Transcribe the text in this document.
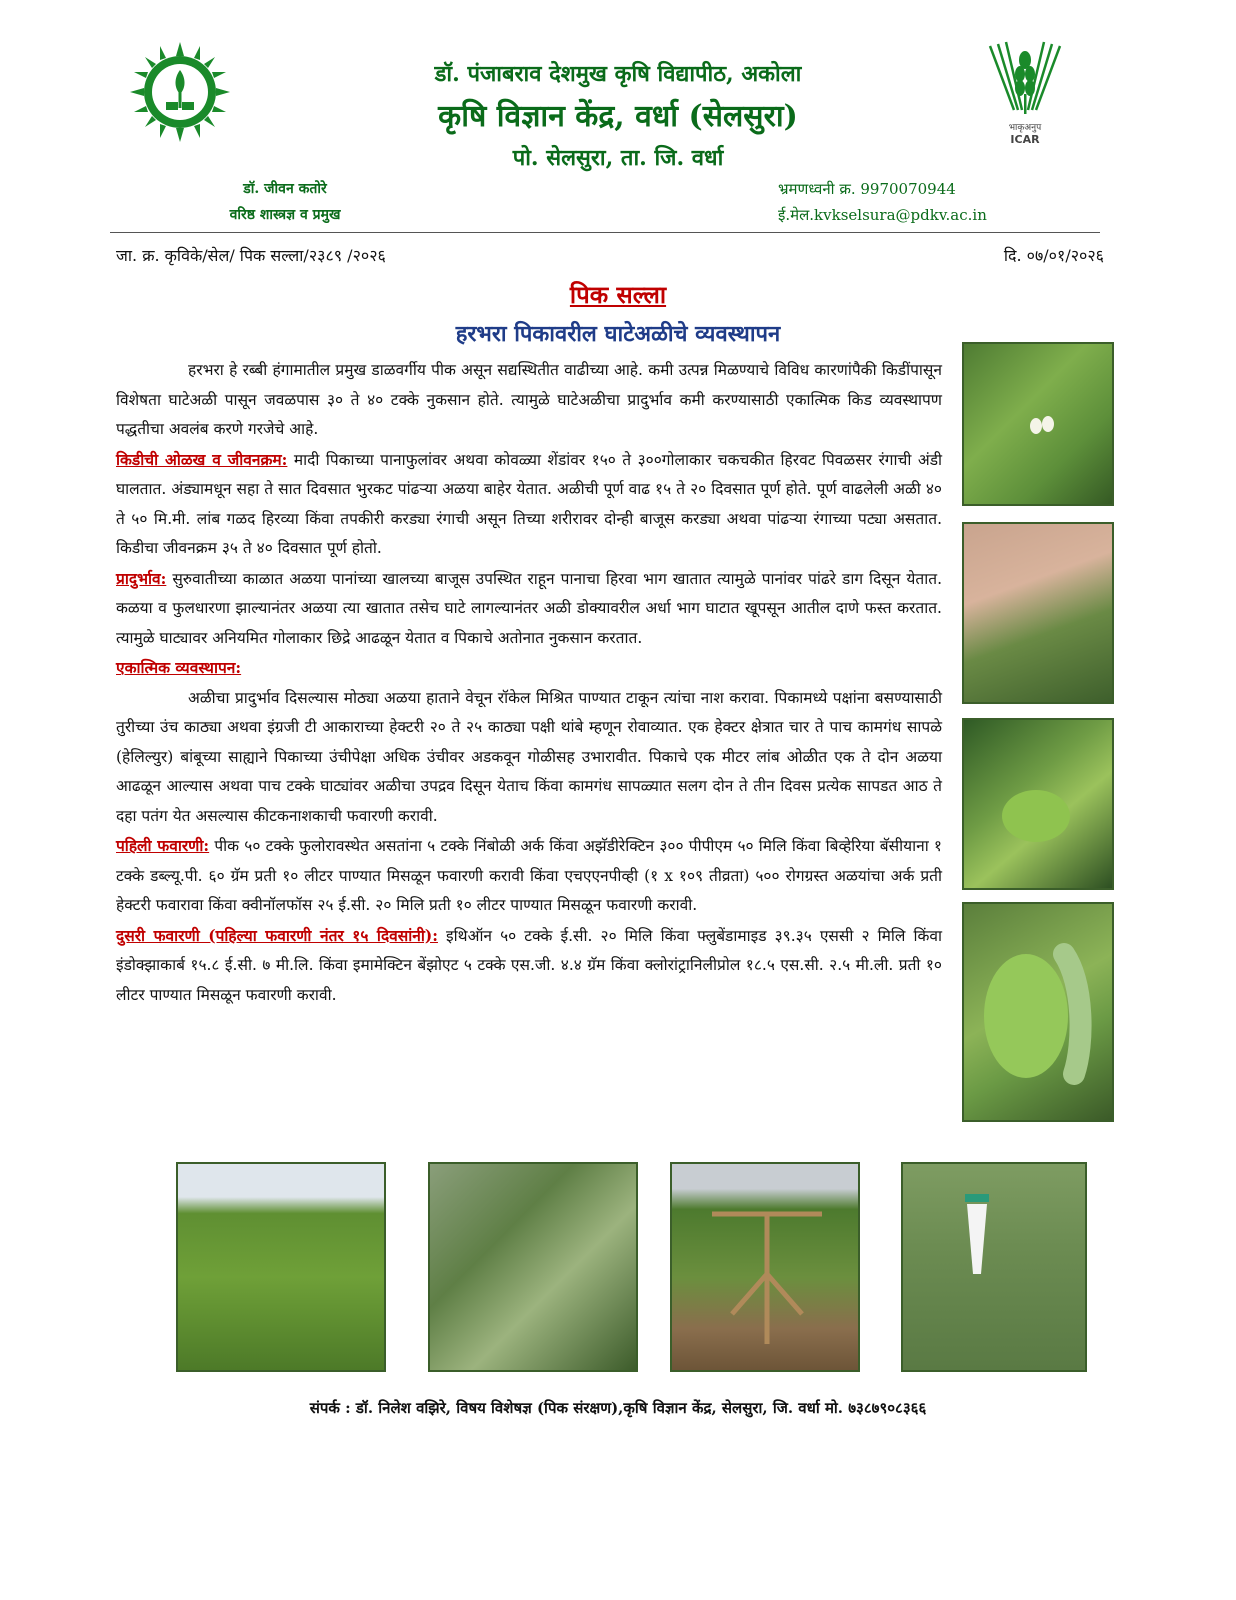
भाकृअनुप
ICAR
डॉ. पंजाबराव देशमुख कृषि विद्यापीठ, अकोला
कृषि विज्ञान केंद्र, वर्धा (सेलसुरा)
पो. सेलसुरा, ता. जि. वर्धा
डॉ. जीवन कतोरे
वरिष्ठ शास्त्रज्ञ व प्रमुख
भ्रमणध्वनी क्र. 9970070944
ई.मेल.kvkselsura@pdkv.ac.in
जा. क्र. कृविके/सेल/ पिक सल्ला/२३८९ /२०२६	दि. ०७/०१/२०२६
पिक सल्ला
हरभरा पिकावरील घाटेअळीचे व्यवस्थापन

हरभरा हे रब्बी हंगामातील प्रमुख डाळवर्गीय पीक असून सद्यस्थितीत वाढीच्या आहे. कमी उत्पन्न मिळण्याचे विविध कारणांपैकी किडींपासून विशेषता घाटेअळी पासून जवळपास ३० ते ४० टक्के नुकसान होते. त्यामुळे घाटेअळीचा प्रादुर्भाव कमी करण्यासाठी एकात्मिक किड व्यवस्थापण पद्धतीचा अवलंब करणे गरजेचे आहे.

किडीची ओळख व जीवनक्रम: मादी पिकाच्या पानाफुलांवर अथवा कोवळ्या शेंडांवर १५० ते ३००गोलाकार चकचकीत हिरवट पिवळसर रंगाची अंडी घालतात. अंड्यामधून सहा ते सात दिवसात भुरकट पांढऱ्या अळया बाहेर येतात. अळीची पूर्ण वाढ १५ ते २० दिवसात पूर्ण होते. पूर्ण वाढलेली अळी ४० ते ५० मि.मी. लांब गळद हिरव्या किंवा तपकीरी करड्या रंगाची असून तिच्या शरीरावर दोन्ही बाजूस करड्या अथवा पांढऱ्या रंगाच्या पट्या असतात. किडीचा जीवनक्रम ३५ ते ४० दिवसात पूर्ण होतो.

प्रादुर्भाव: सुरुवातीच्या काळात अळया पानांच्या खालच्या बाजूस उपस्थित राहून पानाचा हिरवा भाग खातात त्यामुळे पानांवर पांढरे डाग दिसून येतात. कळया व फुलधारणा झाल्यानंतर अळया त्या खातात तसेच घाटे लागल्यानंतर अळी डोक्यावरील अर्धा भाग घाटात खूपसून आतील दाणे फस्त करतात. त्यामुळे घाट्यावर अनियमित गोलाकार छिद्रे आढळून येतात व पिकाचे अतोनात नुकसान करतात.

एकात्मिक व्यवस्थापन:

अळीचा प्रादुर्भाव दिसल्यास मोठ्या अळया हाताने वेचून रॉकेल मिश्रित पाण्यात टाकून त्यांचा नाश करावा. पिकामध्ये पक्षांना बसण्यासाठी तुरीच्या उंच काठ्या अथवा इंग्रजी टी आकाराच्या हेक्टरी २० ते २५ काठ्या पक्षी थांबे म्हणून रोवाव्यात. एक हेक्टर क्षेत्रात चार ते पाच कामगंध सापळे (हेलिल्युर) बांबूच्या साह्याने पिकाच्या उंचीपेक्षा अधिक उंचीवर अडकवून गोळीसह उभारावीत. पिकाचे एक मीटर लांब ओळीत एक ते दोन अळया आढळून आल्यास अथवा पाच टक्के घाट्यांवर अळीचा उपद्रव दिसून येताच किंवा कामगंध सापळ्यात सलग दोन ते तीन दिवस प्रत्येक सापडत आठ ते दहा पतंग येत असल्यास कीटकनाशकाची फवारणी करावी.

पहिली फवारणी: पीक ५० टक्के फुलोरावस्थेत असतांना ५ टक्के निंबोळी अर्क किंवा अझॅडीरेक्टिन ३०० पीपीएम ५० मिलि किंवा बिव्हेरिया बॅसीयाना १ टक्के डब्ल्यू.पी. ६० ग्रॅम प्रती १० लीटर पाण्यात मिसळून फवारणी करावी किंवा एचएएनपीव्ही (१ x १०९ तीव्रता) ५०० रोगग्रस्त अळयांचा अर्क प्रती हेक्टरी फवारावा किंवा क्वीनॉलफॉस २५ ई.सी. २० मिलि प्रती १० लीटर पाण्यात मिसळून फवारणी करावी.

दुसरी फवारणी (पहिल्या फवारणी नंतर १५ दिवसांनी): इथिऑन ५० टक्के ई.सी. २० मिलि किंवा फ्लुबेंडामाइड ३९.३५ एससी २ मिलि किंवा इंडोक्झाकार्ब १५.८ ई.सी. ७ मी.लि. किंवा इमामेक्टिन बेंझोएट ५ टक्के एस.जी. ४.४ ग्रॅम किंवा क्लोरांट्रानिलीप्रोल १८.५ एस.सी. २.५ मी.ली. प्रती १० लीटर पाण्यात मिसळून फवारणी करावी.

संपर्क : डॉ. निलेश वझिरे, विषय विशेषज्ञ (पिक संरक्षण),कृषि विज्ञान केंद्र, सेलसुरा, जि. वर्धा मो. ७३८७९०८३६६
